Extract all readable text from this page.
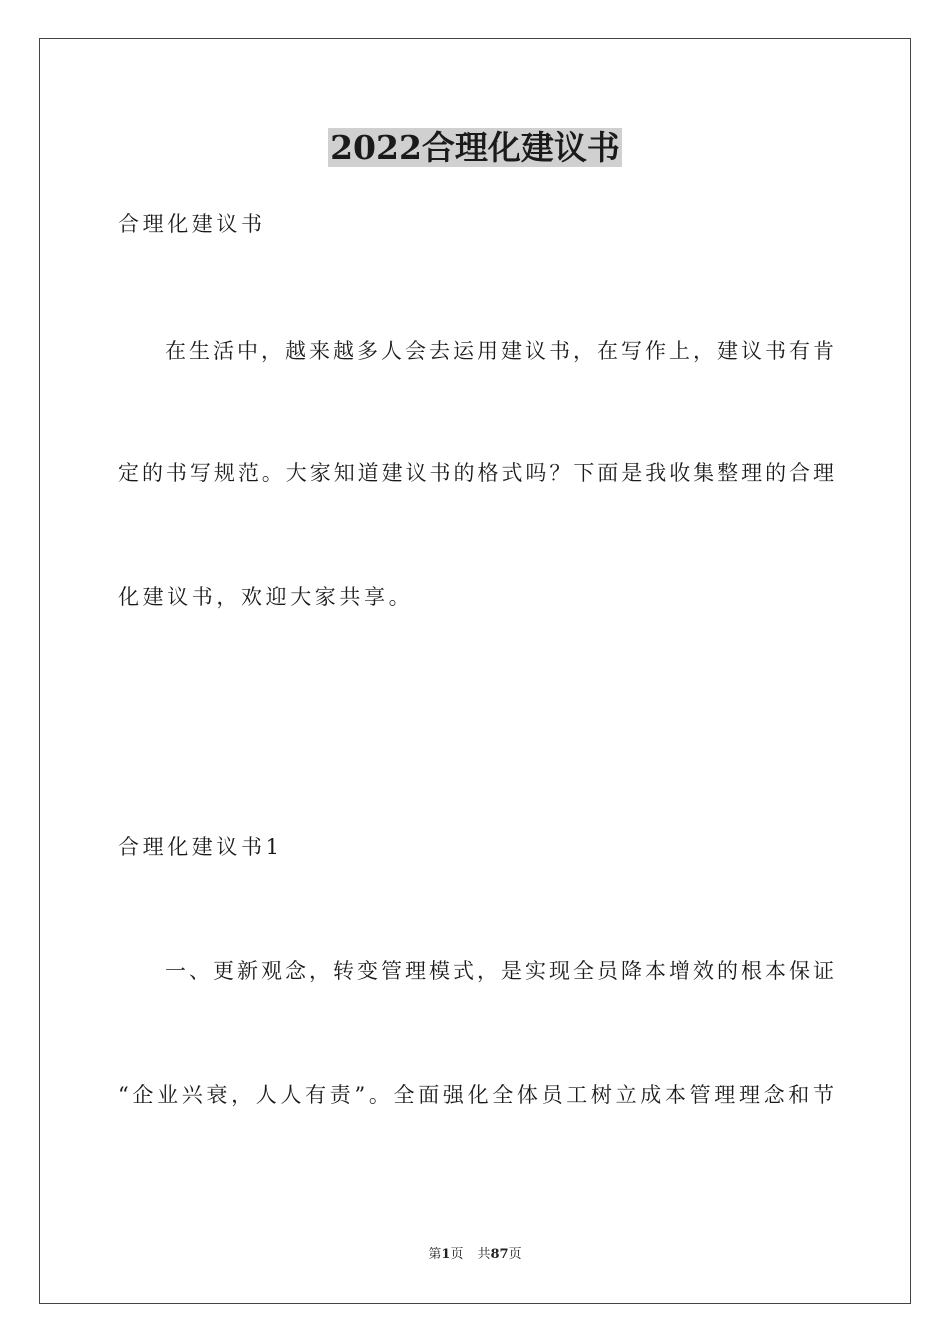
2022合理化建议书
合理化建议书
在生活中，越来越多人会去运用建议书，在写作上，建议书有肯
定的书写规范。大家知道建议书的格式吗？下面是我收集整理的合理
化建议书，欢迎大家共享。
合理化建议书1
一、更新观念，转变管理模式，是实现全员降本增效的根本保证
“企业兴衰，人人有责”。全面强化全体员工树立成本管理理念和节
第1页 共87页
